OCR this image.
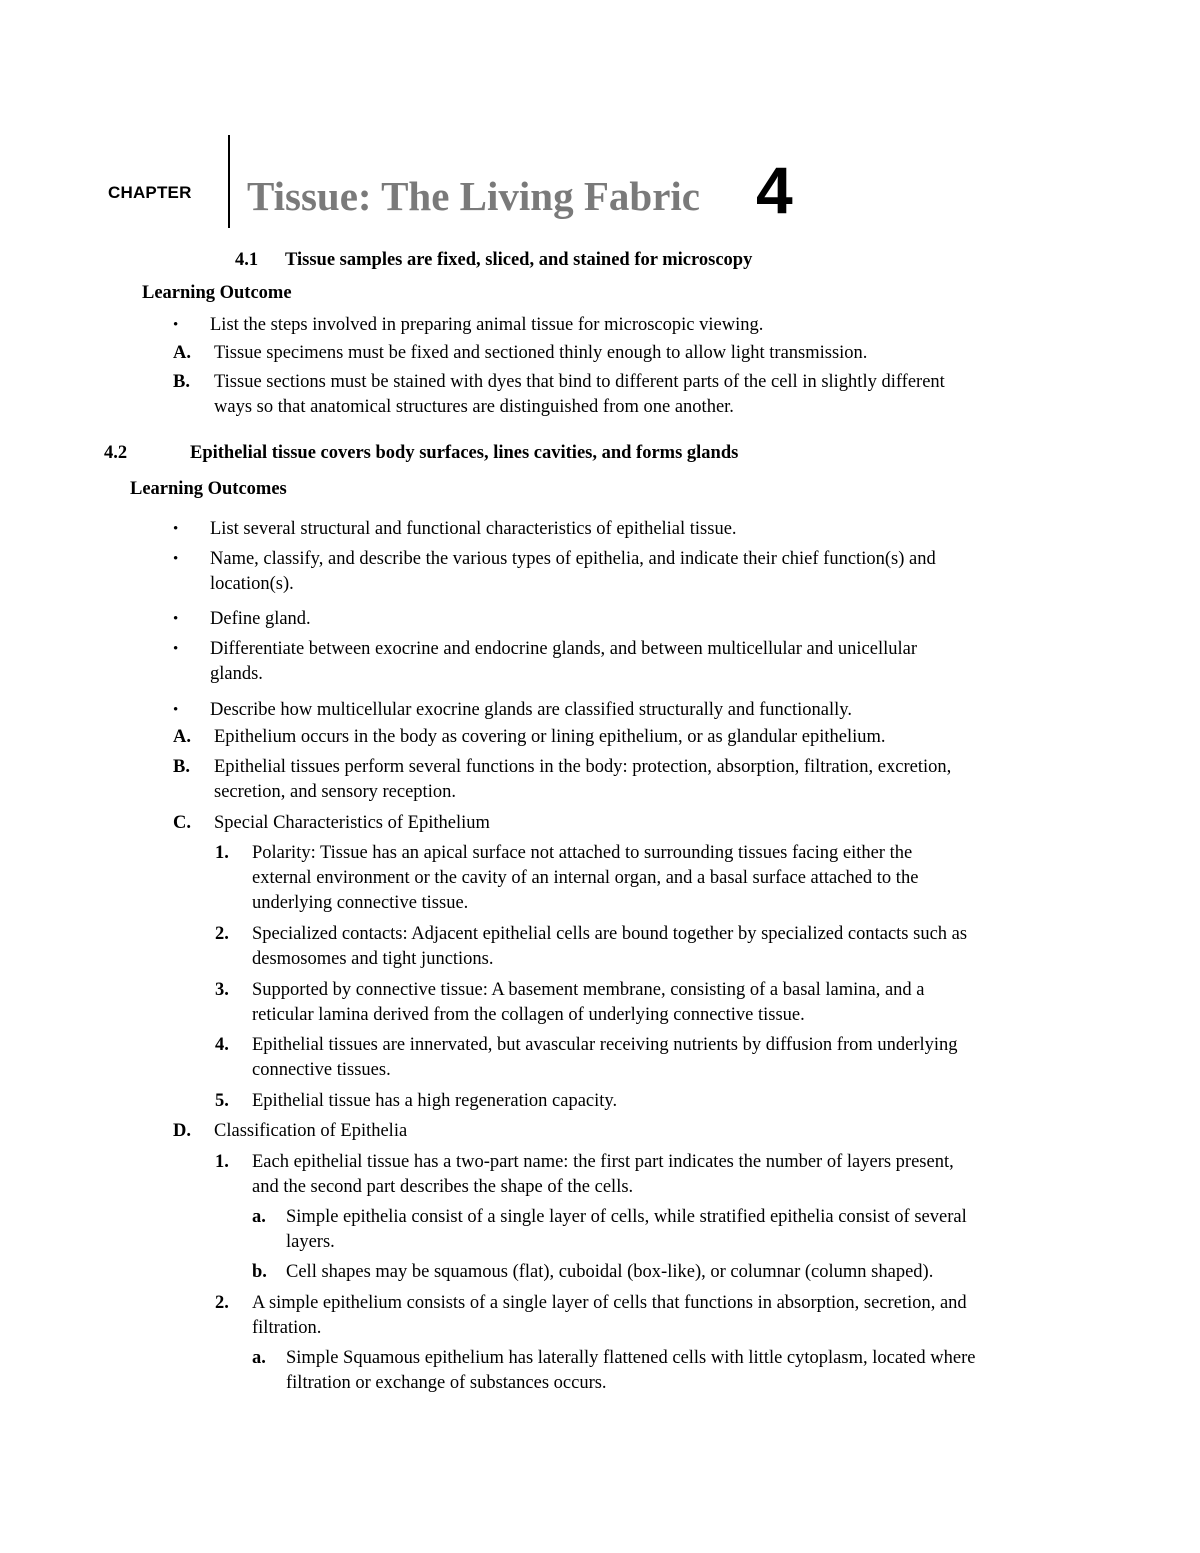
CHAPTER Tissue: The Living Fabric 4
4.1 Tissue samples are fixed, sliced, and stained for microscopy
Learning Outcome
• List the steps involved in preparing animal tissue for microscopic viewing.
A. Tissue specimens must be fixed and sectioned thinly enough to allow light transmission.
B. Tissue sections must be stained with dyes that bind to different parts of the cell in slightly different
ways so that anatomical structures are distinguished from one another.
4.2	Epithelial tissue covers body surfaces, lines cavities, and forms glands
Learning Outcomes
• List several structural and functional characteristics of epithelial tissue.
• Name, classify, and describe the various types of epithelia, and indicate their chief function(s) and
location(s).
• Define gland.
• Differentiate between exocrine and endocrine glands, and between multicellular and unicellular
glands.
• Describe how multicellular exocrine glands are classified structurally and functionally.
A. Epithelium occurs in the body as covering or lining epithelium, or as glandular epithelium.
B. Epithelial tissues perform several functions in the body: protection, absorption, filtration, excretion,
secretion, and sensory reception.
C. Special Characteristics of Epithelium
1. Polarity: Tissue has an apical surface not attached to surrounding tissues facing either the
external environment or the cavity of an internal organ, and a basal surface attached to the
underlying connective tissue.
2. Specialized contacts: Adjacent epithelial cells are bound together by specialized contacts such as
desmosomes and tight junctions.
3. Supported by connective tissue: A basement membrane, consisting of a basal lamina, and a
reticular lamina derived from the collagen of underlying connective tissue.
4. Epithelial tissues are innervated, but avascular receiving nutrients by diffusion from underlying
connective tissues.
5. Epithelial tissue has a high regeneration capacity.
D. Classification of Epithelia
1. Each epithelial tissue has a two-part name: the first part indicates the number of layers present,
and the second part describes the shape of the cells.
a. Simple epithelia consist of a single layer of cells, while stratified epithelia consist of several
layers.
b. Cell shapes may be squamous (flat), cuboidal (box-like), or columnar (column shaped).
2. A simple epithelium consists of a single layer of cells that functions in absorption, secretion, and
filtration.
a. Simple Squamous epithelium has laterally flattened cells with little cytoplasm, located where
filtration or exchange of substances occurs.
